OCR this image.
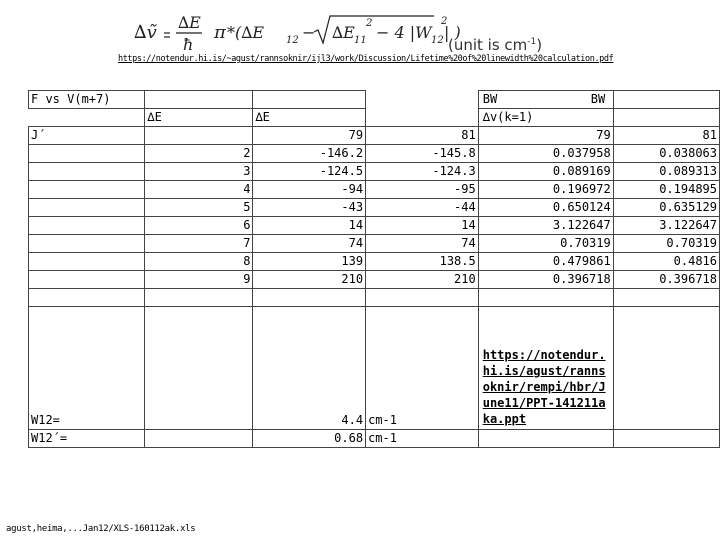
∆ṽ ∆E
ħ
π *(∆E 12 − ∆E 11
2 − 4 |W 12 | )
2
(unit is $cm^{-1}$)
https://notendur.hi.is/~agust/rannsoknir/ijl3/work/Discussion/Lifetime%20of%20linewidth%20calculation.pdf
F vs V(m+7)				BW	BW
	∆E	∆E		∆v(k=1)	
J´		79	81	79	81
	2	-146.2	-145.8	0.037958	0.038063
	3	-124.5	-124.3	0.089169	0.089313
	4	-94	-95	0.196972	0.194895
	5	-43	-44	0.650124	0.635129
	6	14	14	3.122647	3.122647
	7	74	74	0.70319	0.70319
	8	139	138.5	0.479861	0.4816
	9	210	210	0.396718	0.396718

W12=		4.4	cm-1	https://notendur.hi.is/agust/rannsoknir/rempi/hbr/June11/PPT-141211aka.ppt	

W12´=		0.68	cm-1		
agust,heima,...Jan12/XLS-160112ak.xls
